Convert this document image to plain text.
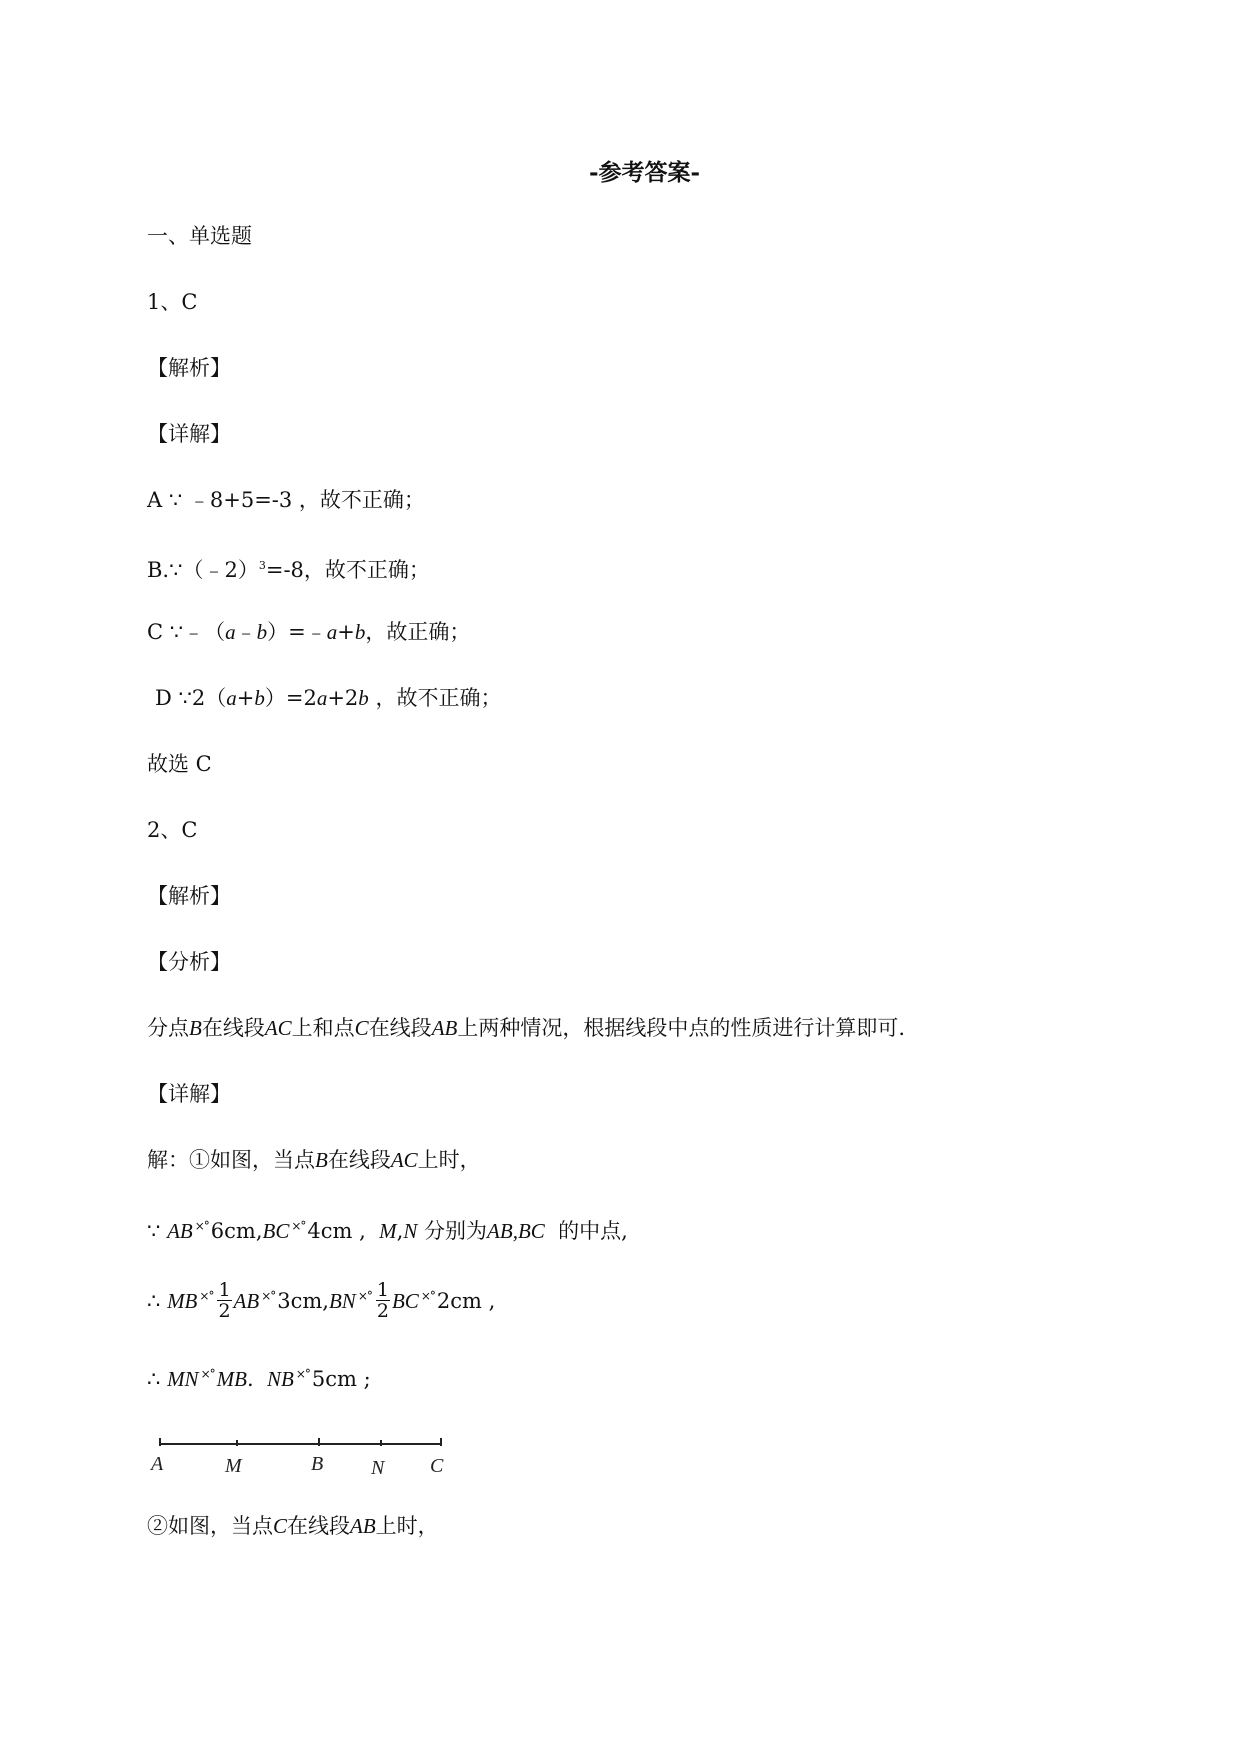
-参考答案-
一、单选题
1、C
【解析】
【详解】
A ∵ ﹣8+5=-3 ，故不正确；
B.∵（﹣2）$^3$=-8，故不正确；
C ∵﹣（a﹣b）=﹣a+b，故正确；
D ∵2（a+b）=2a+2b ，故不正确；
故选 C
2、C
【解析】
【分析】
分点B在线段AC上和点C在线段AB上两种情况，根据线段中点的性质进行计算即可.
【详解】
解：①如图，当点B在线段AC上时，
∵ AB ×°6cm,BC ×°4cm , M,N 分别为AB,BC 的中点,
∴ MB ×° $\frac{1}{2}$ AB ×°3cm,BN ×° $\frac{1}{2}$ BC ×°2cm ,
∴ MN ×°MB. NB ×°5cm ;
A	M	B N C
②如图，当点C在线段AB上时，
